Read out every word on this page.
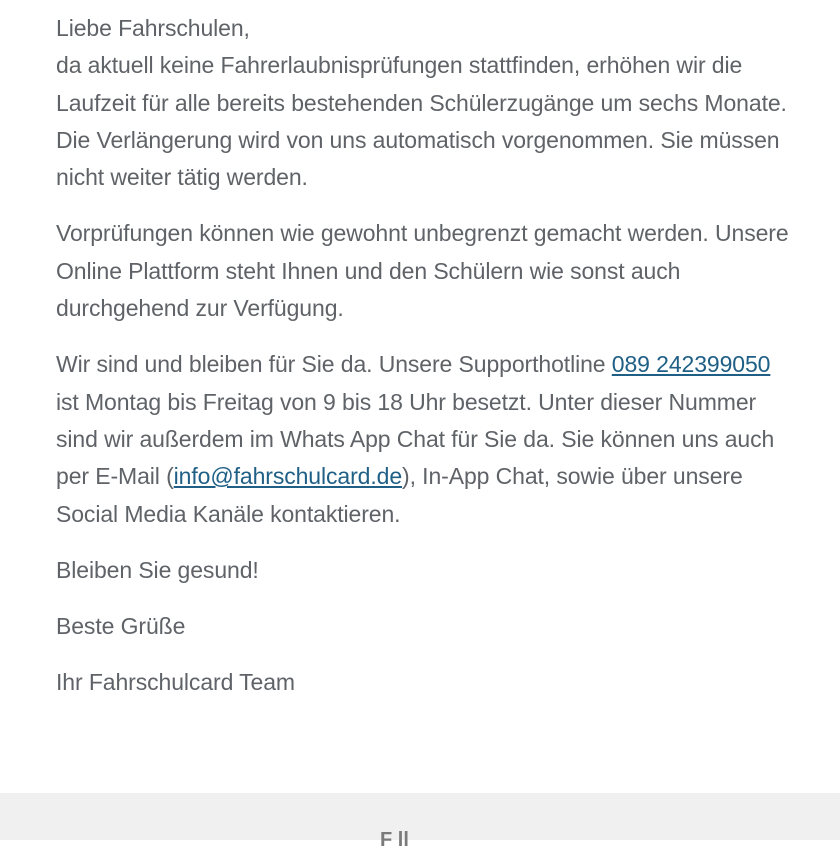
Liebe Fahrschulen,
da aktuell keine Fahrerlaubnisprüfungen stattfinden, erhöhen wir die Laufzeit für alle bereits bestehenden Schülerzugänge um sechs Monate. Die Verlängerung wird von uns automatisch vorgenommen. Sie müssen nicht weiter tätig werden.

Vorprüfungen können wie gewohnt unbegrenzt gemacht werden. Unsere Online Plattform steht Ihnen und den Schülern wie sonst auch durchgehend zur Verfügung.

Wir sind und bleiben für Sie da. Unsere Supporthotline 089 242399050 ist Montag bis Freitag von 9 bis 18 Uhr besetzt. Unter dieser Nummer sind wir außerdem im Whats App Chat für Sie da. Sie können uns auch per E-Mail (info@fahrschulcard.de), In-App Chat, sowie über unsere Social Media Kanäle kontaktieren.

Bleiben Sie gesund!

Beste Grüße

Ihr Fahrschulcard Team

F ll
